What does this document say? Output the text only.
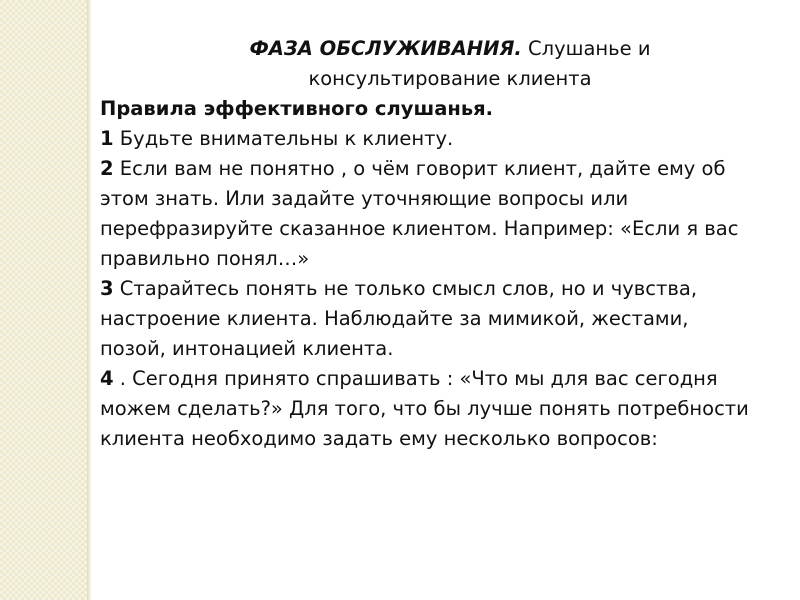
ФАЗА ОБСЛУЖИВАНИЯ. Слушанье и

консультирование клиента

Правила эффективного слушанья.

1 Будьте внимательны к клиенту.

2 Если вам не понятно , о чём говорит клиент, дайте ему об этом знать. Или задайте уточняющие вопросы или перефразируйте сказанное клиентом. Например: «Если я вас правильно понял…»

3 Старайтесь понять не только смысл слов, но и чувства, настроение клиента. Наблюдайте за мимикой, жестами, позой, интонацией клиента.

4 . Сегодня принято спрашивать : «Что мы для вас сегодня можем сделать?» Для того, что бы лучше понять потребности клиента необходимо задать ему несколько вопросов:
